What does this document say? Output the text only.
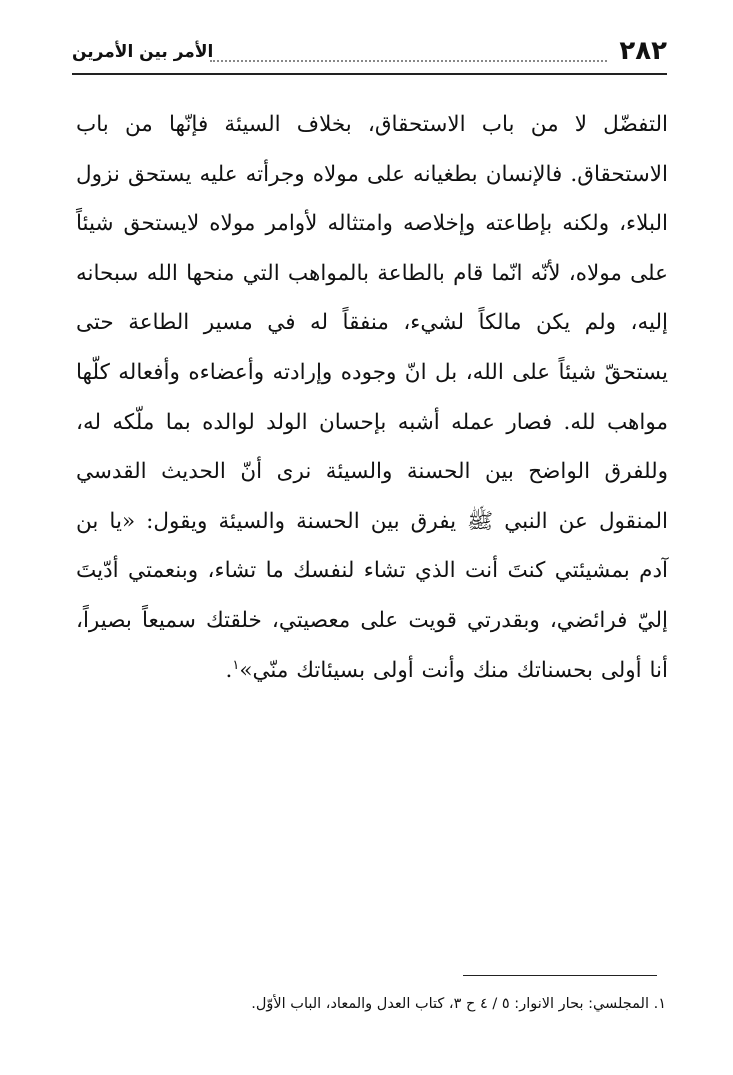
٢٨٢
الأمر بين الأمرين
التفضّل لا من باب الاستحقاق، بخلاف السيئة فإنّها من باب الاستحقاق. فالإنسان بطغيانه على مولاه وجرأته عليه يستحق نزول البلاء، ولكنه بإطاعته وإخلاصه وامتثاله لأوامر مولاه لايستحق شيئاً على مولاه، لأنّه انّما قام بالطاعة بالمواهب التي منحها الله سبحانه إليه، ولم يكن مالكاً لشيء، منفقاً له في مسير الطاعة حتى يستحقّ شيئاً على الله، بل انّ وجوده وإرادته وأعضاءه وأفعاله كلّها مواهب لله. فصار عمله أشبه بإحسان الولد لوالده بما ملّكه له، وللفرق الواضح بين الحسنة والسيئة نرى أنّ الحديث القدسي المنقول عن النبي ﷺ يفرق بين الحسنة والسيئة ويقول: «يا بن آدم بمشيئتي كنتَ أنت الذي تشاء لنفسك ما تشاء، وبنعمتي أدّيتَ إليّ فرائضي، وبقدرتي قويت على معصيتي، خلقتك سميعاً بصيراً، أنا أولى بحسناتك منك وأنت أولى بسيئاتك منّي»$^١$.
١. المجلسي: بحار الانوار: ٥ / ٤ ح ٣، كتاب العدل والمعاد، الباب الأوّل.
